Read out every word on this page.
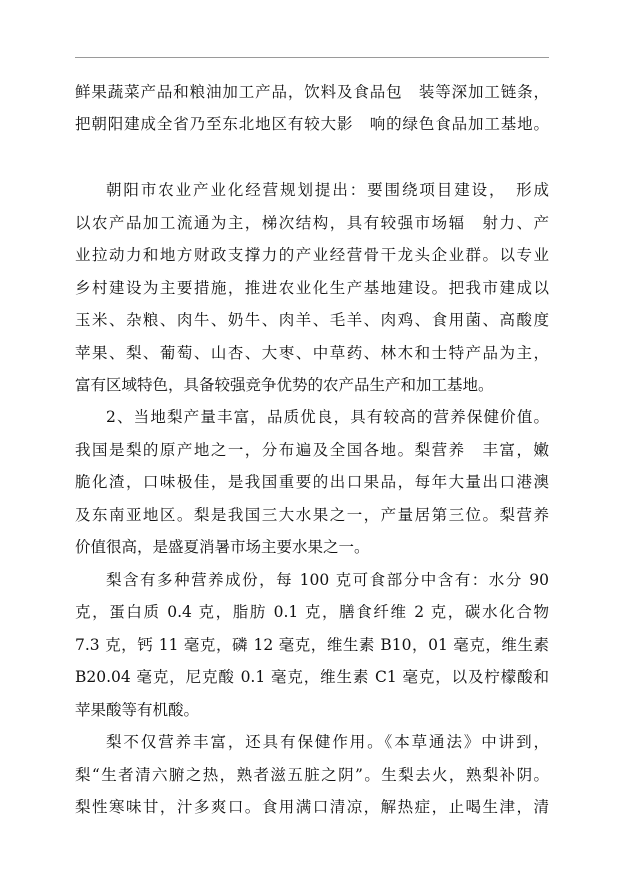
鲜果蔬菜产品和粮油加工产品，饮料及食品包　装等深加工链条，
把朝阳建成全省乃至东北地区有较大影　响的绿色食品加工基地。
朝阳市农业产业化经营规划提出：要围绕项目建设，　形成
以农产品加工流通为主，梯次结构，具有较强市场辐　射力、产
业拉动力和地方财政支撑力的产业经营骨干龙头企业群。以专业
乡村建设为主要措施，推进农业化生产基地建设。把我市建成以
玉米、杂粮、肉牛、奶牛、肉羊、毛羊、肉鸡、食用菌、高酸度
苹果、梨、葡萄、山杏、大枣、中草药、林木和士特产品为主，
富有区域特色，具备较强竞争优势的农产品生产和加工基地。
2、当地梨产量丰富，品质优良，具有较高的营养保健价值。
我国是梨的原产地之一，分布遍及全国各地。梨营养　丰富，嫩
脆化渣，口味极佳，是我国重要的出口果品，每年大量出口港澳
及东南亚地区。梨是我国三大水果之一，产量居第三位。梨营养
价值很高，是盛夏消暑市场主要水果之一。
梨含有多种营养成份，每 100 克可食部分中含有：水分 90
克，蛋白质 0.4 克，脂肪 0.1 克，膳食纤维 2 克，碳水化合物
7.3 克，钙 11 毫克，磷 12 毫克，维生素 B10，01 毫克，维生素
B20.04 毫克，尼克酸 0.1 毫克，维生素 C1 毫克，以及柠檬酸和
苹果酸等有机酸。
梨不仅营养丰富，还具有保健作用。《本草通法》中讲到，
梨“生者清六腑之热，熟者滋五脏之阴”。生梨去火，熟梨补阴。
梨性寒味甘，汁多爽口。食用满口清凉，解热症，止喝生津，清
